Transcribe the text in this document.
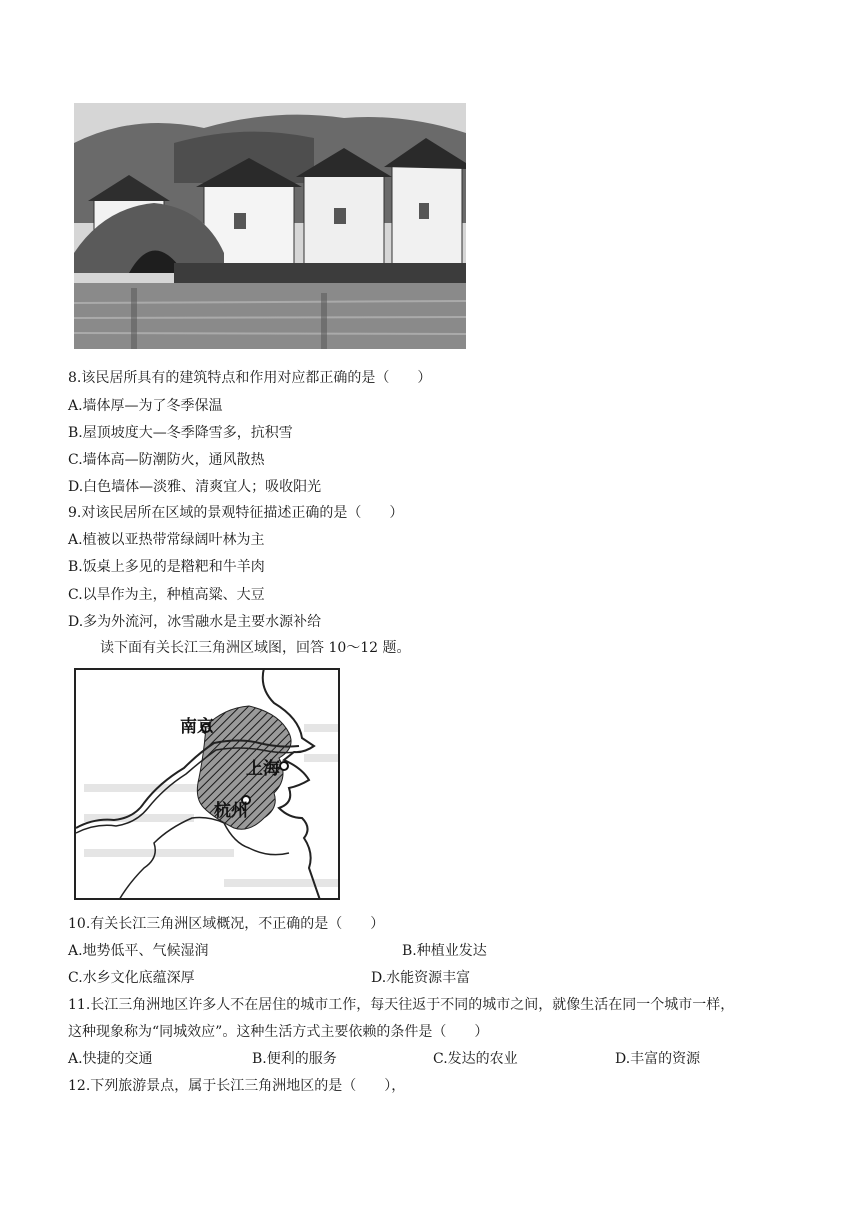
8.该民居所具有的建筑特点和作用对应都正确的是（　　）
A.墙体厚—为了冬季保温
B.屋顶坡度大—冬季降雪多，抗积雪
C.墙体高—防潮防火，通风散热
D.白色墙体—淡雅、清爽宜人；吸收阳光
9.对该民居所在区域的景观特征描述正确的是（　　）
A.植被以亚热带常绿阔叶林为主
B.饭桌上多见的是糌粑和牛羊肉
C.以旱作为主，种植高粱、大豆
D.多为外流河，冰雪融水是主要水源补给
读下面有关长江三角洲区域图，回答 10～12 题。
南京
上海
杭州
10.有关长江三角洲区域概况，不正确的是（　　）
A.地势低平、气候湿润	B.种植业发达
C.水乡文化底蕴深厚	D.水能资源丰富
11.长江三角洲地区许多人不在居住的城市工作，每天往返于不同的城市之间，就像生活在同一个城市一样，
这种现象称为“同城效应”。这种生活方式主要依赖的条件是（　　）
A.快捷的交通	B.便利的服务	C.发达的农业	D.丰富的资源
12.下列旅游景点，属于长江三角洲地区的是（　　），
